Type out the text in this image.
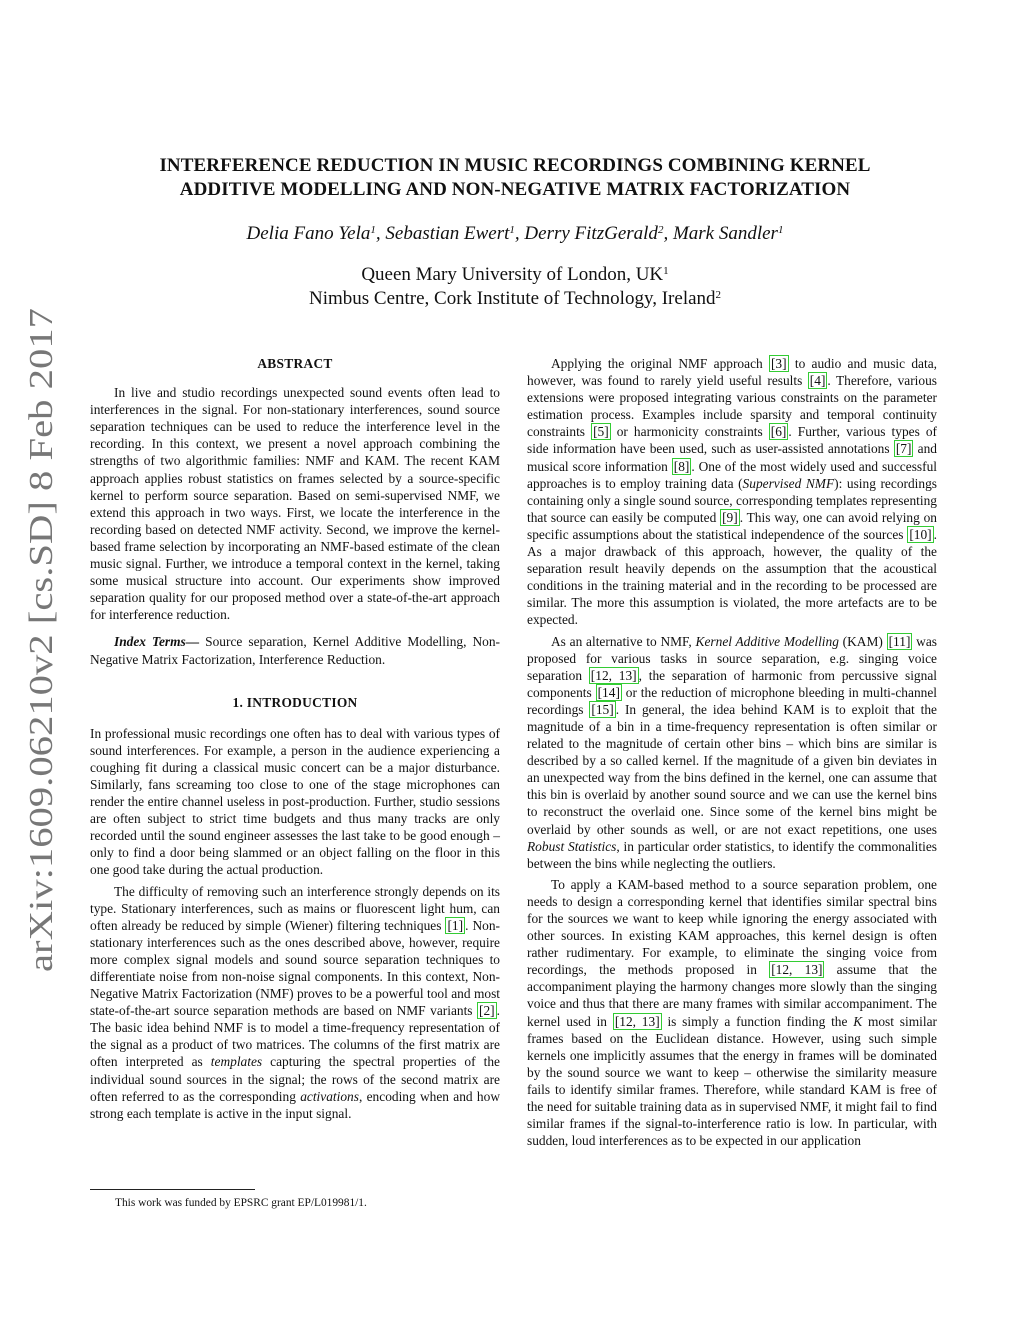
arXiv:1609.06210v2 [cs.SD] 8 Feb 2017
INTERFERENCE REDUCTION IN MUSIC RECORDINGS COMBINING KERNEL
ADDITIVE MODELLING AND NON-NEGATIVE MATRIX FACTORIZATION
Delia Fano Yela$^1$, Sebastian Ewert$^1$, Derry FitzGerald$^2$, Mark Sandler$^1$
Queen Mary University of London, $UK^1$
Nimbus Centre, Cork Institute of Technology, Ireland$^2$
ABSTRACT

In live and studio recordings unexpected sound events often lead to interferences in the signal. For non-stationary interferences, sound source separation techniques can be used to reduce the interference level in the recording. In this context, we present a novel approach combining the strengths of two algorithmic families: NMF and KAM. The recent KAM approach applies robust statistics on frames selected by a source-specific kernel to perform source separation. Based on semi-supervised NMF, we extend this approach in two ways. First, we locate the interference in the recording based on detected NMF activity. Second, we improve the kernel-based frame selection by incorporating an NMF-based estimate of the clean music signal. Further, we introduce a temporal context in the kernel, taking some musical structure into account. Our experiments show improved separation quality for our proposed method over a state-of-the-art approach for interference reduction.

Index Terms— Source separation, Kernel Additive Modelling, Non-Negative Matrix Factorization, Interference Reduction.

1. INTRODUCTION

In professional music recordings one often has to deal with various types of sound interferences. For example, a person in the audience experiencing a coughing fit during a classical music concert can be a major disturbance. Similarly, fans screaming too close to one of the stage microphones can render the entire channel useless in post-production. Further, studio sessions are often subject to strict time budgets and thus many tracks are only recorded until the sound engineer assesses the last take to be good enough – only to find a door being slammed or an object falling on the floor in this one good take during the actual production.

The difficulty of removing such an interference strongly depends on its type. Stationary interferences, such as mains or fluorescent light hum, can often already be reduced by simple (Wiener) filtering techniques [1] . Non-stationary interferences such as the ones described above, however, require more complex signal models and sound source separation techniques to differentiate noise from non-noise signal components. In this context, Non-Negative Matrix Factorization (NMF) proves to be a powerful tool and most state-of-the-art source separation methods are based on NMF variants [2] . The basic idea behind NMF is to model a time-frequency representation of the signal as a product of two matrices. The columns of the first matrix are often interpreted as templates capturing the spectral properties of the individual sound sources in the signal; the rows of the second matrix are often referred to as the corresponding activations, encoding when and how strong each template is active in the input signal.

This work was funded by EPSRC grant EP/L019981/1.

Applying the original NMF approach [3] to audio and music data, however, was found to rarely yield useful results [4] . Therefore, various extensions were proposed integrating various constraints on the parameter estimation process. Examples include sparsity and temporal continuity constraints [5] or harmonicity constraints [6] . Further, various types of side information have been used, such as user-assisted annotations [7] and musical score information [8] . One of the most widely used and successful approaches is to employ training data (Supervised NMF): using recordings containing only a single sound source, corresponding templates representing that source can easily be computed [9] . This way, one can avoid relying on specific assumptions about the statistical independence of the sources [10] . As a major drawback of this approach, however, the quality of the separation result heavily depends on the assumption that the acoustical conditions in the training material and in the recording to be processed are similar. The more this assumption is violated, the more artefacts are to be expected.

As an alternative to NMF, Kernel Additive Modelling (KAM) [11] was proposed for various tasks in source separation, e.g. singing voice separation [12, 13] , the separation of harmonic from percussive signal components [14] or the reduction of microphone bleeding in multi-channel recordings [15] . In general, the idea behind KAM is to exploit that the magnitude of a bin in a time-frequency representation is often similar or related to the magnitude of certain other bins – which bins are similar is described by a so called kernel. If the magnitude of a given bin deviates in an unexpected way from the bins defined in the kernel, one can assume that this bin is overlaid by another sound source and we can use the kernel bins to reconstruct the overlaid one. Since some of the kernel bins might be overlaid by other sounds as well, or are not exact repetitions, one uses Robust Statistics, in particular order statistics, to identify the commonalities between the bins while neglecting the outliers.

To apply a KAM-based method to a source separation problem, one needs to design a corresponding kernel that identifies similar spectral bins for the sources we want to keep while ignoring the energy associated with other sources. In existing KAM approaches, this kernel design is often rather rudimentary. For example, to eliminate the singing voice from recordings, the methods proposed in [12, 13] assume that the accompaniment playing the harmony changes more slowly than the singing voice and thus that there are many frames with similar accompaniment. The kernel used in [12, 13] is simply a function finding the K most similar frames based on the Euclidean distance. However, using such simple kernels one implicitly assumes that the energy in frames will be dominated by the sound source we want to keep – otherwise the similarity measure fails to identify similar frames. Therefore, while standard KAM is free of the need for suitable training data as in supervised NMF, it might fail to find similar frames if the signal-to-interference ratio is low. In particular, with sudden, loud interferences as to be expected in our application
